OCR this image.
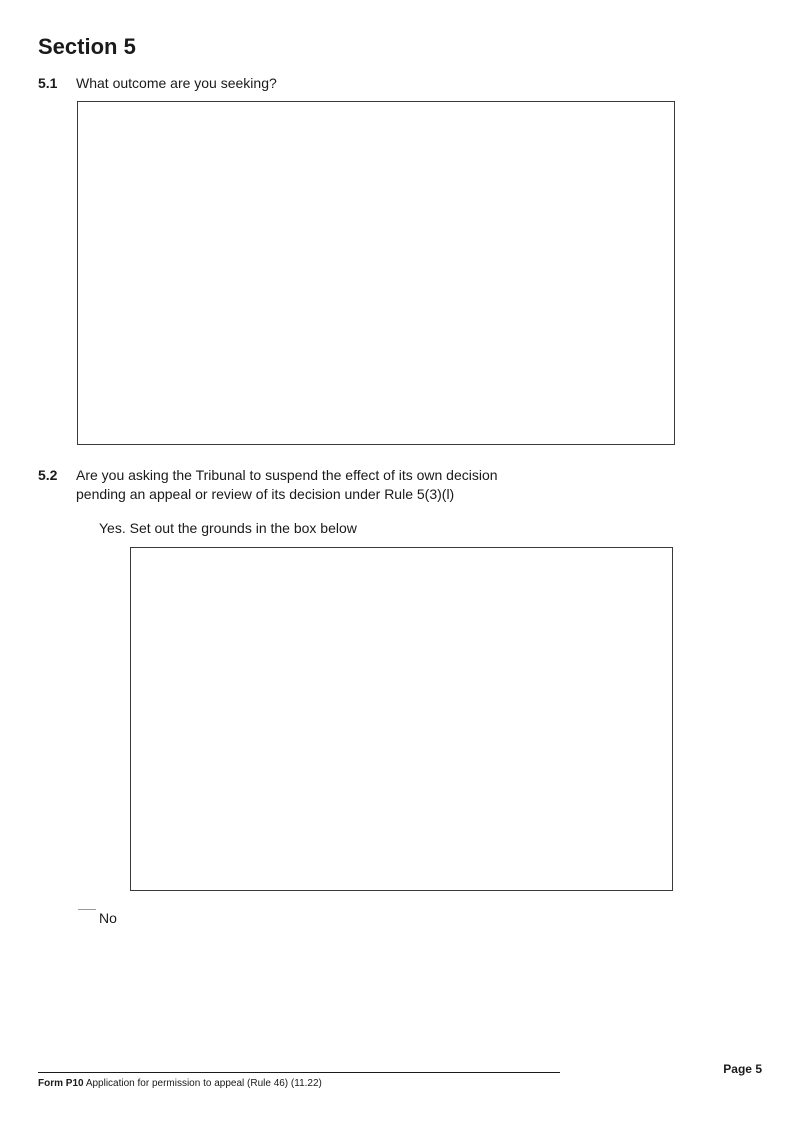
Section 5
5.1 What outcome are you seeking?
5.2 Are you asking the Tribunal to suspend the effect of its own decision
pending an appeal or review of its decision under Rule 5(3)(l)
Yes. Set out the grounds in the box below
No
Page 5
Form P10 Application for permission to appeal (Rule 46) (11.22)
